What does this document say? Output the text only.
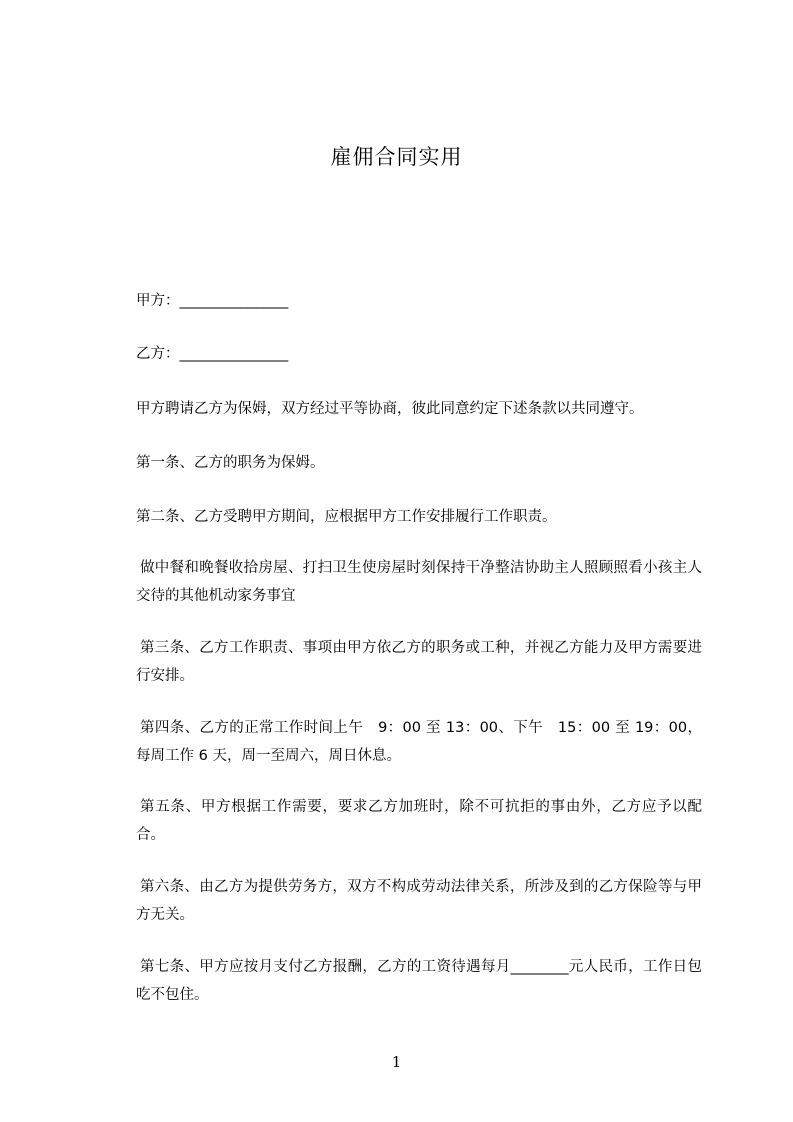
雇佣合同实用
甲方：_______________
乙方：_______________
甲方聘请乙方为保姆，双方经过平等协商，彼此同意约定下述条款以共同遵守。
第一条、乙方的职务为保姆。
第二条、乙方受聘甲方期间，应根据甲方工作安排履行工作职责。
做中餐和晚餐收拾房屋、打扫卫生使房屋时刻保持干净整洁协助主人照顾照看小孩主人交待的其他机动家务事宜
第三条、乙方工作职责、事项由甲方依乙方的职务或工种，并视乙方能力及甲方需要进行安排。
第四条、乙方的正常工作时间上午　9：00 至 13：00、下午　15：00 至 19：00，每周工作 6 天，周一至周六，周日休息。
第五条、甲方根据工作需要，要求乙方加班时，除不可抗拒的事由外，乙方应予以配合。
第六条、由乙方为提供劳务方，双方不构成劳动法律关系，所涉及到的乙方保险等与甲方无关。
第七条、甲方应按月支付乙方报酬，乙方的工资待遇每月________元人民币，工作日包吃不包住。
1
